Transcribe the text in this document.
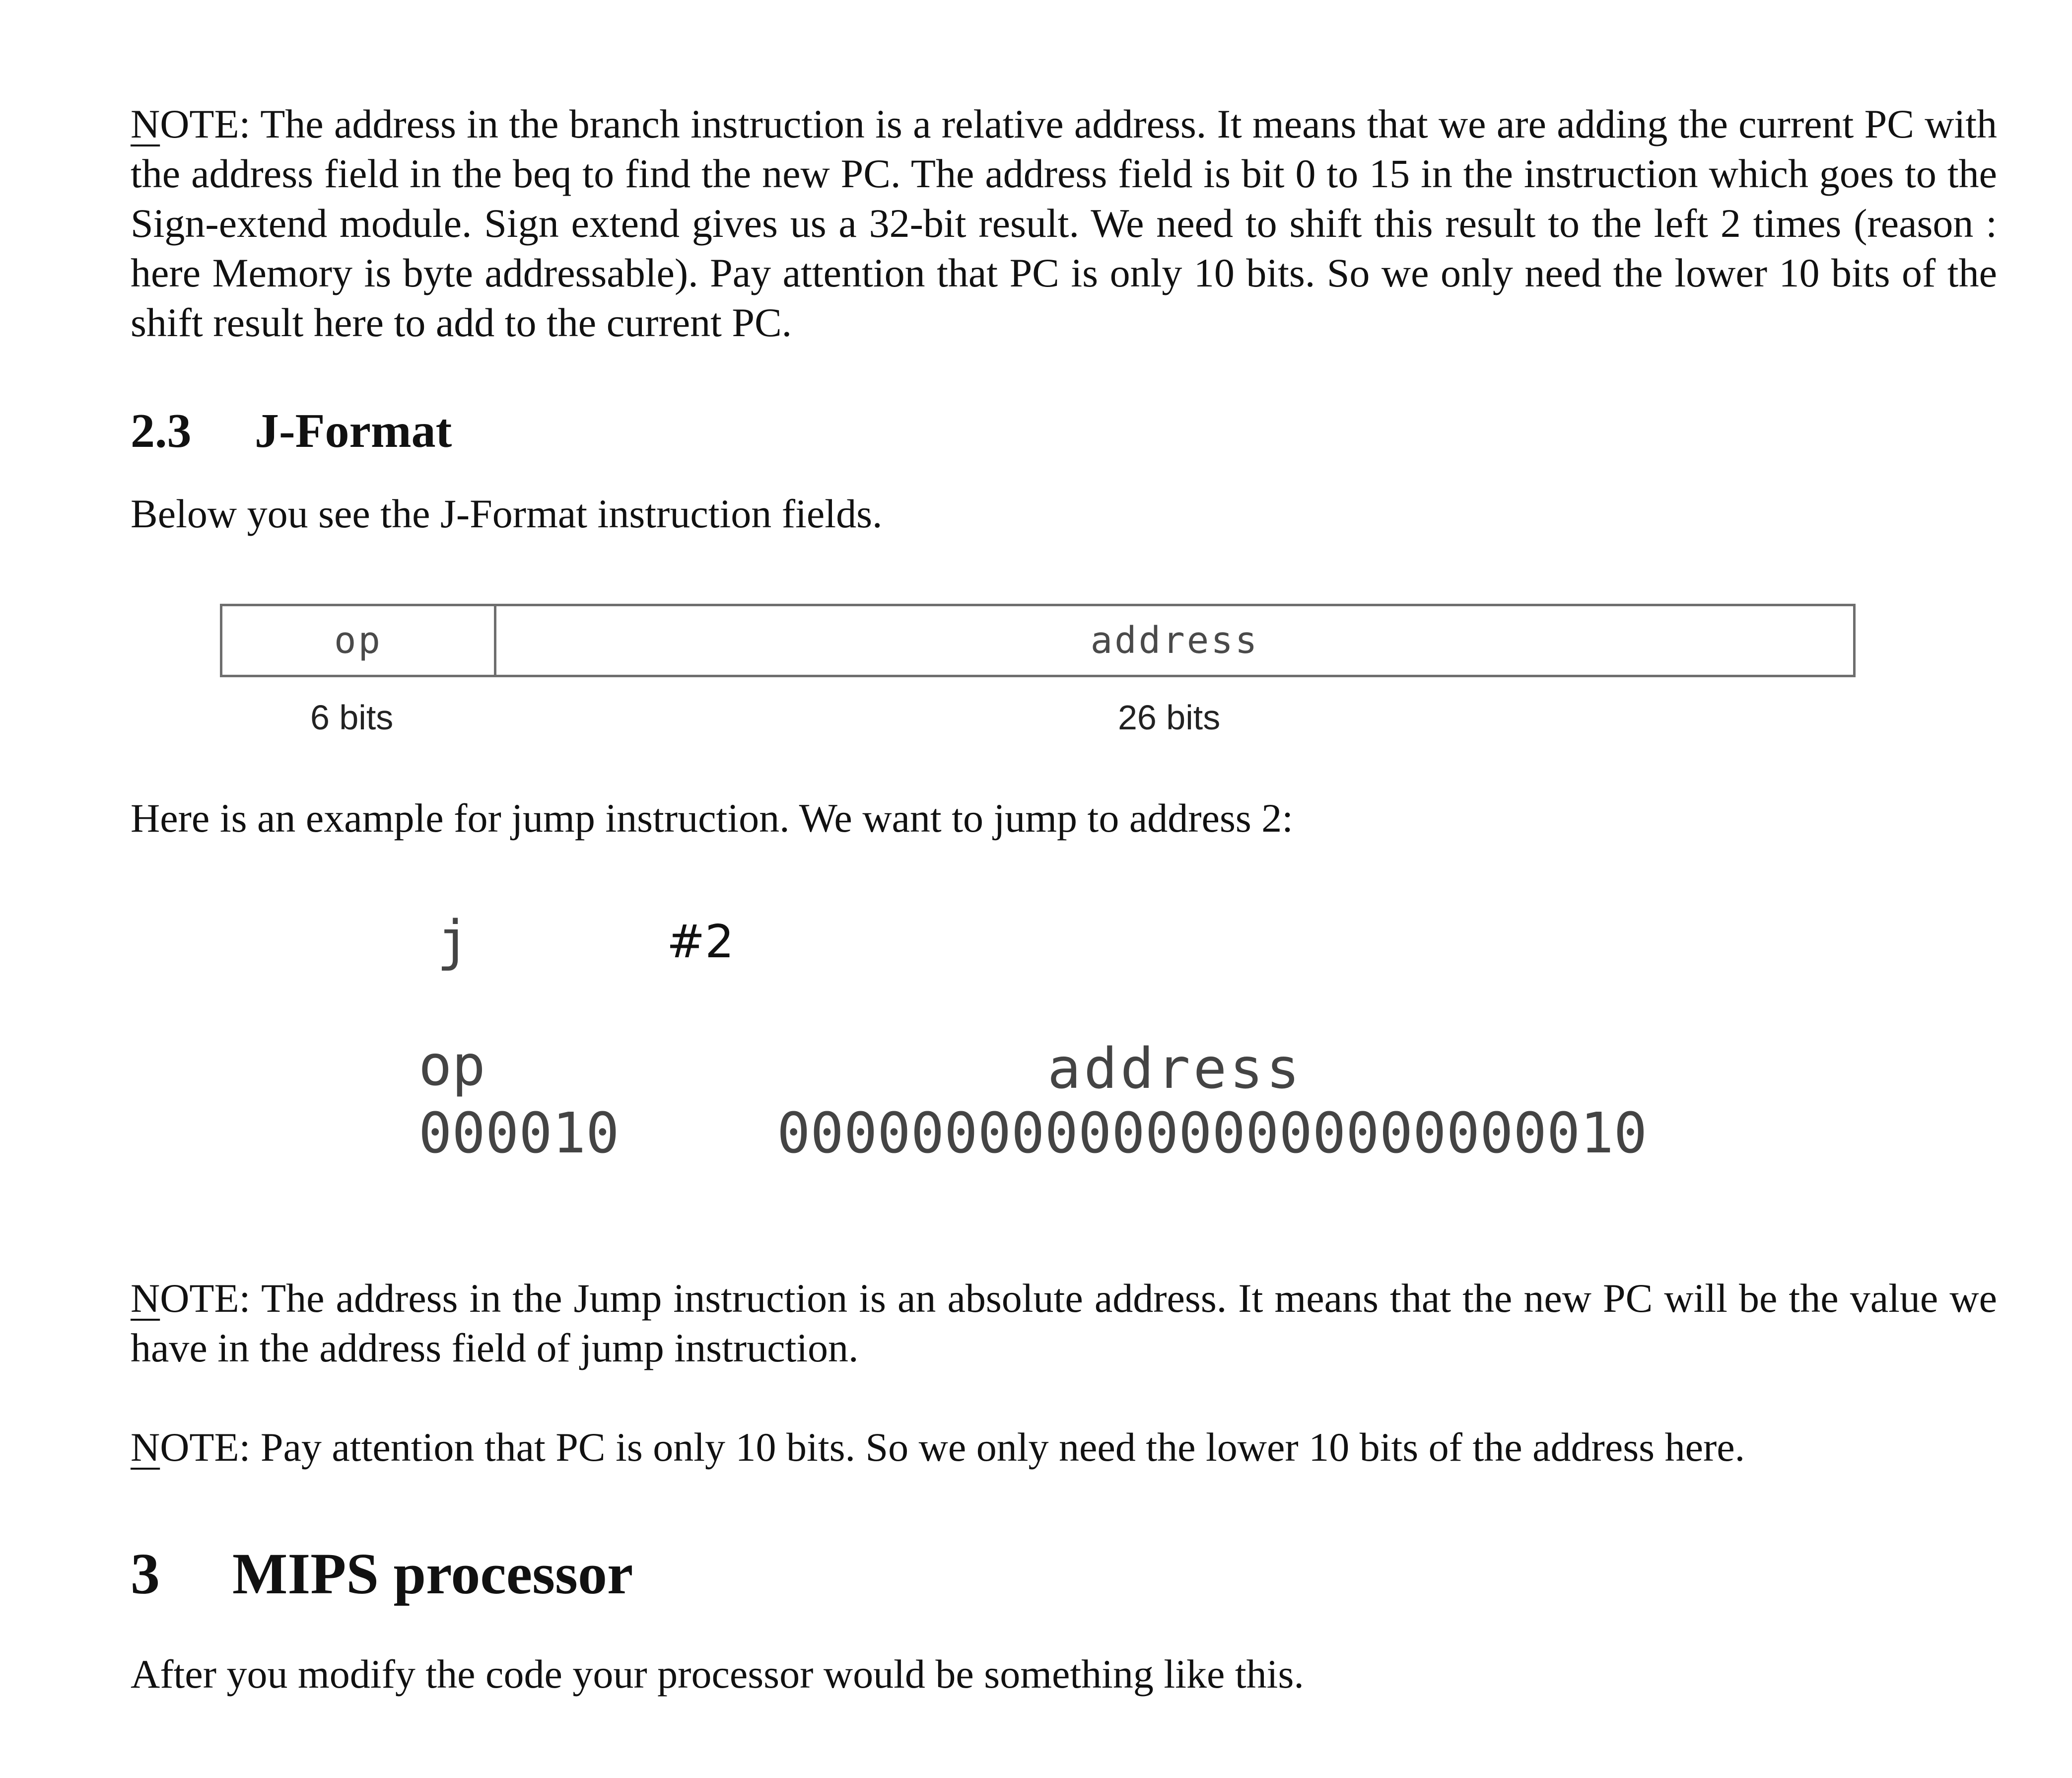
NOTE: The address in the branch instruction is a relative address. It means that we are adding the current PC with the address field in the beq to find the new PC. The address field is bit 0 to 15 in the instruction which goes to the Sign-extend module. Sign extend gives us a 32-bit result. We need to shift this result to the left 2 times (reason : here Memory is byte addressable). Pay attention that PC is only 10 bits. So we only need the lower 10 bits of the shift result here to add to the current PC.

2.3 J-Format

Below you see the J-Format instruction fields.

op	address
6 bits	26 bits

Here is an example for jump instruction. We want to jump to address 2:

j	#2
op	address
000010	00000000000000000000000010

NOTE: The address in the Jump instruction is an absolute address. It means that the new PC will be the value we have in the address field of jump instruction.

NOTE: Pay attention that PC is only 10 bits. So we only need the lower 10 bits of the address here.

3 MIPS processor

After you modify the code your processor would be something like this.
